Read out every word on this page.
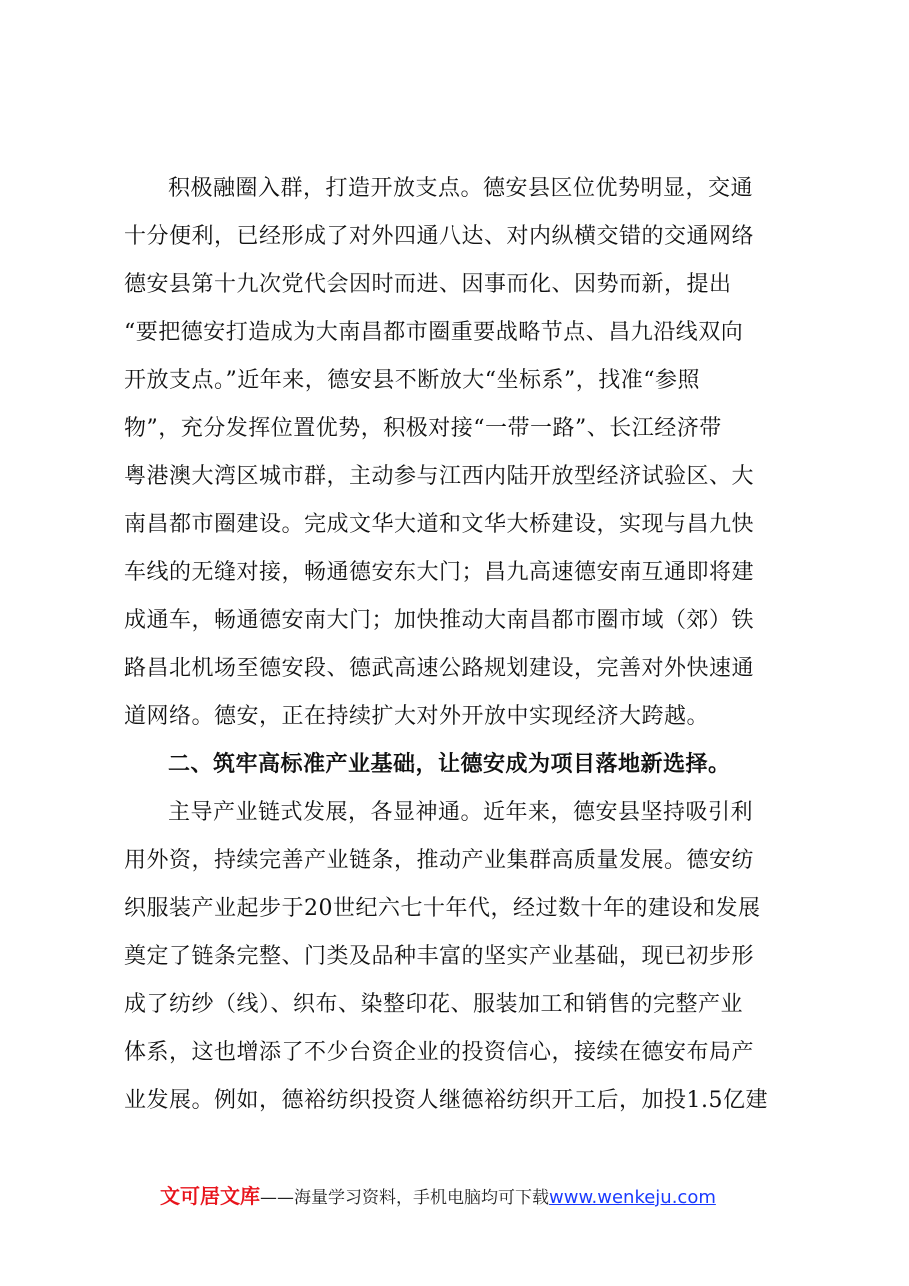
积极融圈入群，打造开放支点。德安县区位优势明显，交通
十分便利，已经形成了对外四通八达、对内纵横交错的交通网络
德安县第十九次党代会因时而进、因事而化、因势而新，提出
“要把德安打造成为大南昌都市圈重要战略节点、昌九沿线双向
开放支点。”近年来，德安县不断放大“坐标系”，找准“参照
物”，充分发挥位置优势，积极对接“一带一路”、长江经济带
粤港澳大湾区城市群，主动参与江西内陆开放型经济试验区、大
南昌都市圈建设。完成文华大道和文华大桥建设，实现与昌九快
车线的无缝对接，畅通德安东大门；昌九高速德安南互通即将建
成通车，畅通德安南大门；加快推动大南昌都市圈市域（郊）铁
路昌北机场至德安段、德武高速公路规划建设，完善对外快速通
道网络。德安，正在持续扩大对外开放中实现经济大跨越。
二、筑牢高标准产业基础，让德安成为项目落地新选择。
主导产业链式发展，各显神通。近年来，德安县坚持吸引利
用外资，持续完善产业链条，推动产业集群高质量发展。德安纺
织服装产业起步于20世纪六七十年代，经过数十年的建设和发展
奠定了链条完整、门类及品种丰富的坚实产业基础，现已初步形
成了纺纱（线）、织布、染整印花、服装加工和销售的完整产业
体系，这也增添了不少台资企业的投资信心，接续在德安布局产
业发展。例如，德裕纺织投资人继德裕纺织开工后，加投1.5亿建
文可居文库——海量学习资料，手机电脑均可下载www.wenkeju.com
